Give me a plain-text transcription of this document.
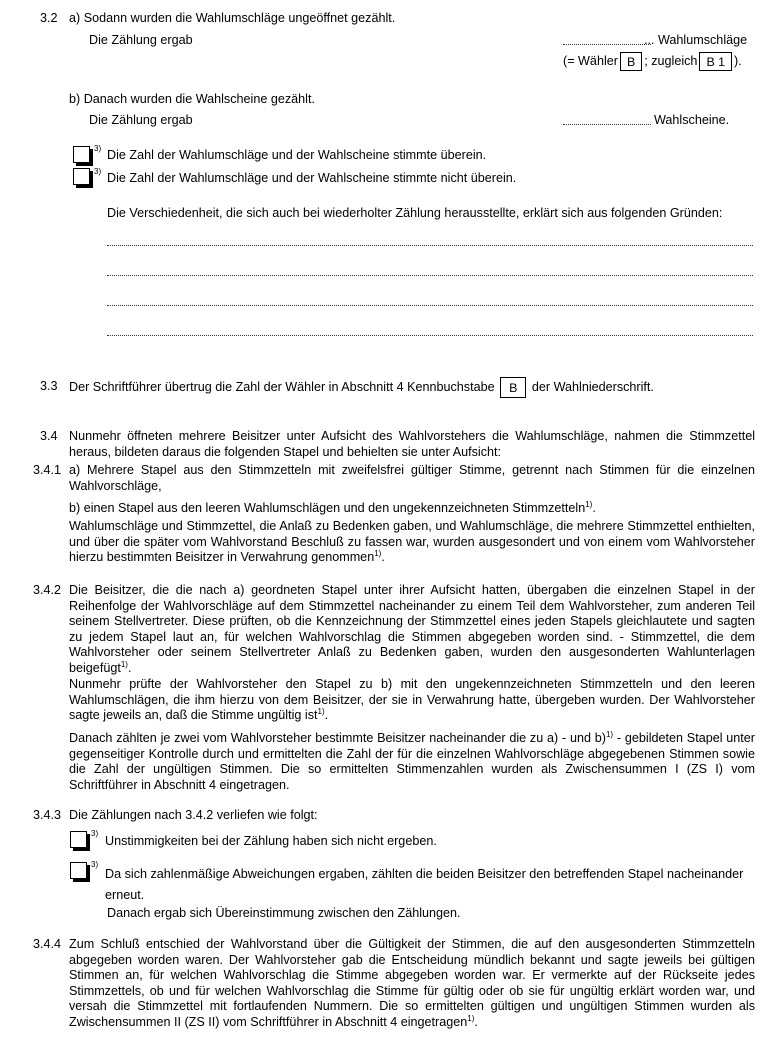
3.2 a) Sodann wurden die Wahlumschläge ungeöffnet gezählt.
Die Zählung ergab	... Wahlumschläge
(= Wähler B ; zugleich B 1 ).
b) Danach wurden die Wahlscheine gezählt.
Die Zählung ergab	Wahlscheine.
$^{3)}$ Die Zahl der Wahlumschläge und der Wahlscheine stimmte überein.
$^{3)}$ Die Zahl der Wahlumschläge und der Wahlscheine stimmte nicht überein.
Die Verschiedenheit, die sich auch bei wiederholter Zählung herausstellte, erklärt sich aus folgenden Gründen:
3.3 Der Schriftführer übertrug die Zahl der Wähler in Abschnitt 4 Kennbuchstabe B der Wahlniederschrift.
3.4 Nunmehr öffneten mehrere Beisitzer unter Aufsicht des Wahlvorstehers die Wahlumschläge, nahmen die Stimmzettel heraus, bildeten daraus die folgenden Stapel und behielten sie unter Aufsicht:
3.4.1 a) Mehrere Stapel aus den Stimmzetteln mit zweifelsfrei gültiger Stimme, getrennt nach Stimmen für die einzelnen Wahlvorschläge,
b) einen Stapel aus den leeren Wahlumschlägen und den ungekennzeichneten Stimmzetteln$^{1)}$.
Wahlumschläge und Stimmzettel, die Anlaß zu Bedenken gaben, und Wahlumschläge, die mehrere Stimmzettel enthielten, und über die später vom Wahlvorstand Beschluß zu fassen war, wurden ausgesondert und von einem vom Wahlvorsteher hierzu bestimmten Beisitzer in Verwahrung genommen$^{1)}$.
3.4.2 Die Beisitzer, die die nach a) geordneten Stapel unter ihrer Aufsicht hatten, übergaben die einzelnen Stapel in der Reihenfolge der Wahlvorschläge auf dem Stimmzettel nacheinander zu einem Teil dem Wahlvorsteher, zum anderen Teil seinem Stellvertreter. Diese prüften, ob die Kennzeichnung der Stimmzettel eines jeden Stapels gleichlautete und sagten zu jedem Stapel laut an, für welchen Wahlvorschlag die Stimmen abgegeben worden sind. - Stimmzettel, die dem Wahlvorsteher oder seinem Stellvertreter Anlaß zu Bedenken gaben, wurden den ausgesonderten Wahlunterlagen beigefügt$^{1)}$.
Nunmehr prüfte der Wahlvorsteher den Stapel zu b) mit den ungekennzeichneten Stimmzetteln und den leeren Wahlumschlägen, die ihm hierzu von dem Beisitzer, der sie in Verwahrung hatte, übergeben wurden. Der Wahlvorsteher sagte jeweils an, daß die Stimme ungültig ist$^{1)}$.
Danach zählten je zwei vom Wahlvorsteher bestimmte Beisitzer nacheinander die zu a) - und b)$^{1)}$ - gebildeten Stapel unter gegenseitiger Kontrolle durch und ermittelten die Zahl der für die einzelnen Wahlvorschläge abgegebenen Stimmen sowie die Zahl der ungültigen Stimmen. Die so ermittelten Stimmenzahlen wurden als Zwischensummen I (ZS I) vom Schriftführer in Abschnitt 4 eingetragen.
3.4.3 Die Zählungen nach 3.4.2 verliefen wie folgt:
$^{3)}$
Unstimmigkeiten bei der Zählung haben sich nicht ergeben.
$^{3)}$
Da sich zahlenmäßige Abweichungen ergaben, zählten die beiden Beisitzer den betreffenden Stapel nacheinander erneut.
Danach ergab sich Übereinstimmung zwischen den Zählungen.
3.4.4 Zum Schluß entschied der Wahlvorstand über die Gültigkeit der Stimmen, die auf den ausgesonderten Stimmzetteln abgegeben worden waren. Der Wahlvorsteher gab die Entscheidung mündlich bekannt und sagte jeweils bei gültigen Stimmen an, für welchen Wahlvorschlag die Stimme abgegeben worden war. Er vermerkte auf der Rückseite jedes Stimmzettels, ob und für welchen Wahlvorschlag die Stimme für gültig oder ob sie für ungültig erklärt worden war, und versah die Stimmzettel mit fortlaufenden Nummern. Die so ermittelten gültigen und ungültigen Stimmen wurden als Zwischensummen II (ZS II) vom Schriftführer in Abschnitt 4 eingetragen$^{1)}$.
